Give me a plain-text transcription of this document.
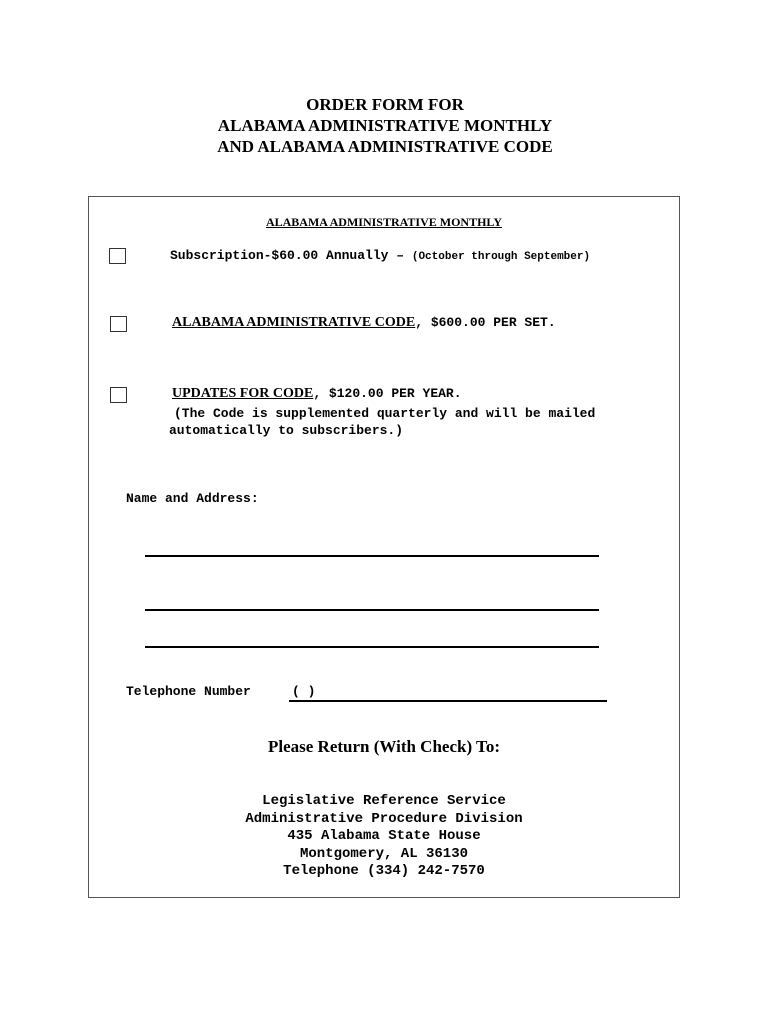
ORDER FORM FOR
ALABAMA ADMINISTRATIVE MONTHLY
AND ALABAMA ADMINISTRATIVE CODE
ALABAMA ADMINISTRATIVE MONTHLY
Subscription-$60.00 Annually – (October through September)
ALABAMA ADMINISTRATIVE CODE, $600.00 PER SET.
UPDATES FOR CODE, $120.00 PER YEAR.
(The Code is supplemented quarterly and will be mailed
automatically to subscribers.)
Name and Address:
Telephone Number	( )
Please Return (With Check) To:
Legislative Reference Service
Administrative Procedure Division
435 Alabama State House
Montgomery, AL 36130
Telephone (334) 242-7570
